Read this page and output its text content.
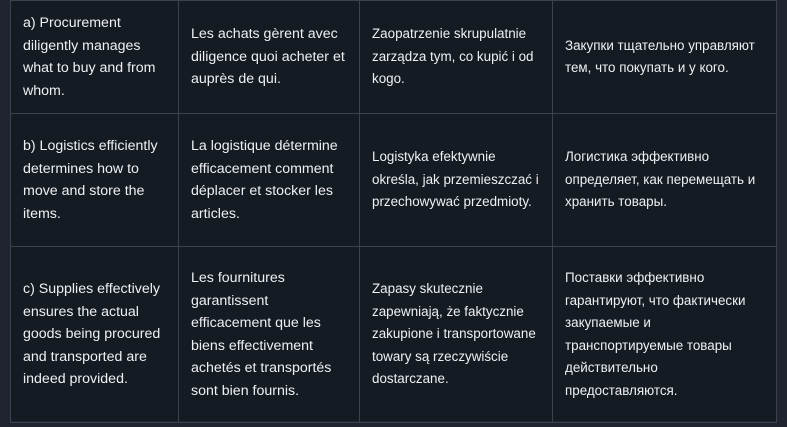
a) Procurement diligently manages what to buy and from whom.	Les achats gèrent avec diligence quoi acheter et auprès de qui.	Zaopatrzenie skrupulatnie zarządza tym, co kupić i od kogo.	Закупки тщательно управляют тем, что покупать и у кого.

b) Logistics efficiently determines how to move and store the items.	La logistique détermine efficacement comment déplacer et stocker les articles.	Logistyka efektywnie określa, jak przemieszczać i przechowywać przedmioty.	Логистика эффективно определяет, как перемещать и хранить товары.

c) Supplies effectively ensures the actual goods being procured and transported are indeed provided.	Les fournitures garantissent efficacement que les biens effectivement achetés et transportés sont bien fournis.	Zapasy skutecznie zapewniają, że faktycznie zakupione i transportowane towary są rzeczywiście dostarczane.	Поставки эффективно гарантируют, что фактически закупаемые и транспортируемые товары действительно предоставляются.
